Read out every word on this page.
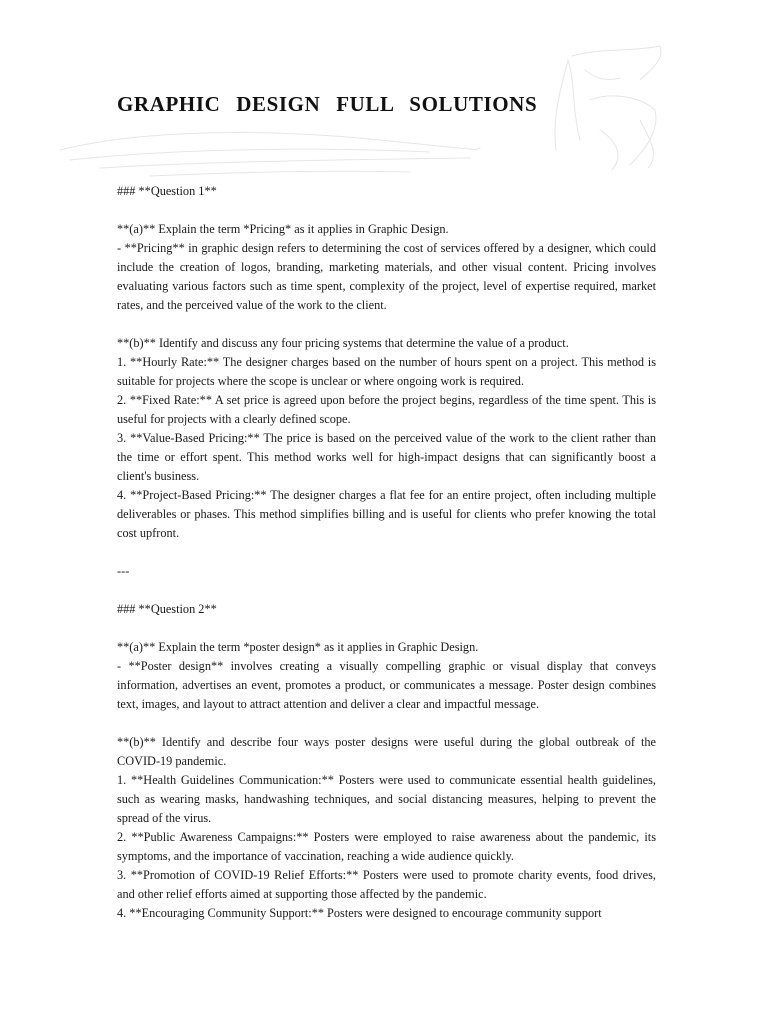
GRAPHIC DESIGN FULL SOLUTIONS

### **Question 1**

**(a)** Explain the term *Pricing* as it applies in Graphic Design.

- **Pricing** in graphic design refers to determining the cost of services offered by a designer, which could include the creation of logos, branding, marketing materials, and other visual content. Pricing involves evaluating various factors such as time spent, complexity of the project, level of expertise required, market rates, and the perceived value of the work to the client.

**(b)** Identify and discuss any four pricing systems that determine the value of a product.

1. **Hourly Rate:** The designer charges based on the number of hours spent on a project. This method is suitable for projects where the scope is unclear or where ongoing work is required.

2. **Fixed Rate:** A set price is agreed upon before the project begins, regardless of the time spent. This is useful for projects with a clearly defined scope.

3. **Value-Based Pricing:** The price is based on the perceived value of the work to the client rather than the time or effort spent. This method works well for high-impact designs that can significantly boost a client's business.

4. **Project-Based Pricing:** The designer charges a flat fee for an entire project, often including multiple deliverables or phases. This method simplifies billing and is useful for clients who prefer knowing the total cost upfront.

---

### **Question 2**

**(a)** Explain the term *poster design* as it applies in Graphic Design.

- **Poster design** involves creating a visually compelling graphic or visual display that conveys information, advertises an event, promotes a product, or communicates a message. Poster design combines text, images, and layout to attract attention and deliver a clear and impactful message.

**(b)** Identify and describe four ways poster designs were useful during the global outbreak of the COVID-19 pandemic.

1. **Health Guidelines Communication:** Posters were used to communicate essential health guidelines, such as wearing masks, handwashing techniques, and social distancing measures, helping to prevent the spread of the virus.

2. **Public Awareness Campaigns:** Posters were employed to raise awareness about the pandemic, its symptoms, and the importance of vaccination, reaching a wide audience quickly.

3. **Promotion of COVID-19 Relief Efforts:** Posters were used to promote charity events, food drives, and other relief efforts aimed at supporting those affected by the pandemic.

4. **Encouraging Community Support:** Posters were designed to encourage community support
